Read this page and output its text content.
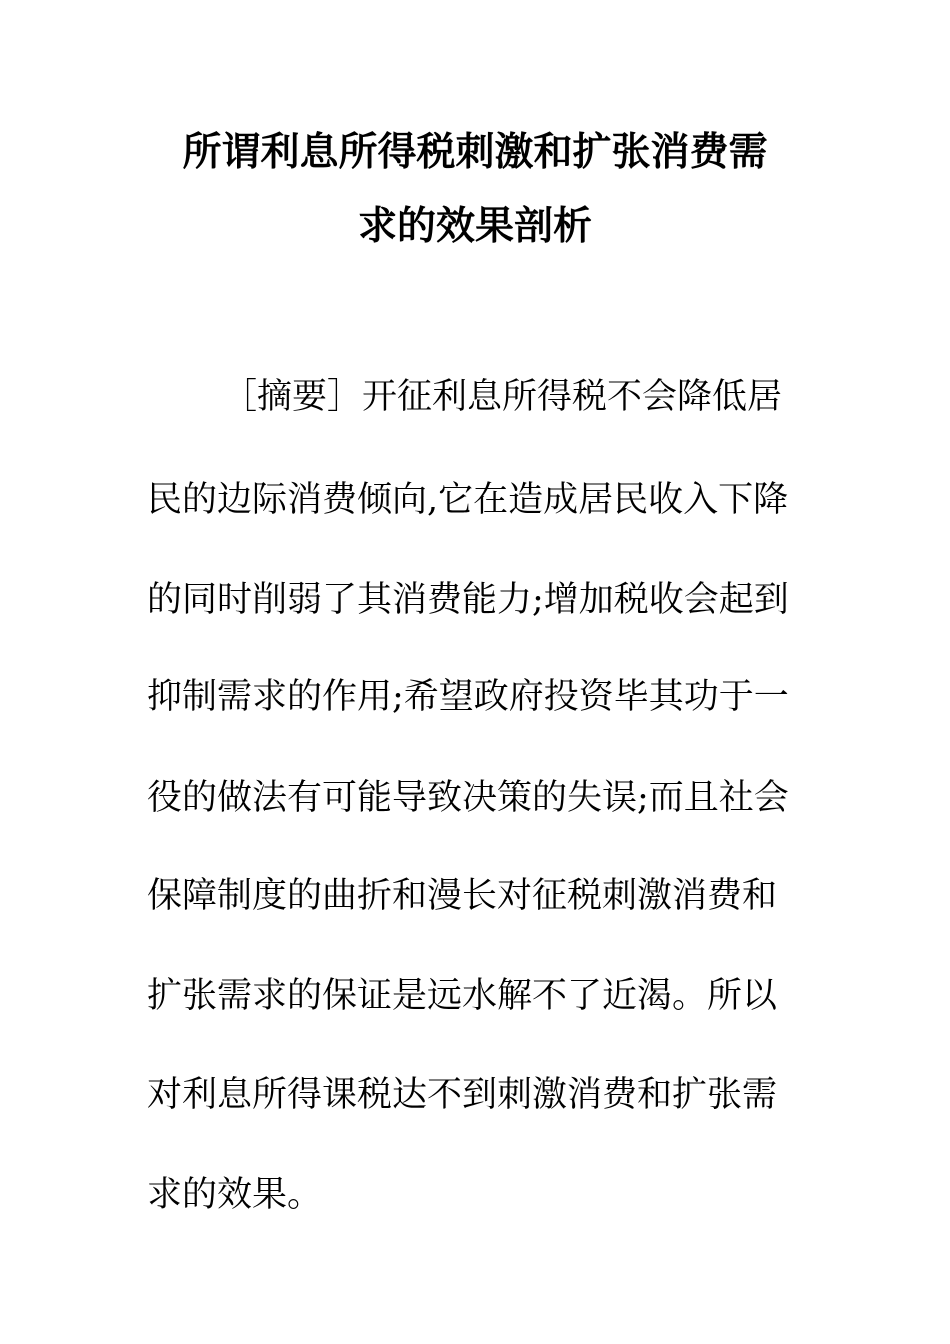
所谓利息所得税刺激和扩张消费需
求的效果剖析

［摘要］开征利息所得税不会降低居

民的边际消费倾向,它在造成居民收入下降

的同时削弱了其消费能力;增加税收会起到

抑制需求的作用;希望政府投资毕其功于一

役的做法有可能导致决策的失误;而且社会

保障制度的曲折和漫长对征税刺激消费和

扩张需求的保证是远水解不了近渴。所以

对利息所得课税达不到刺激消费和扩张需

求的效果。
